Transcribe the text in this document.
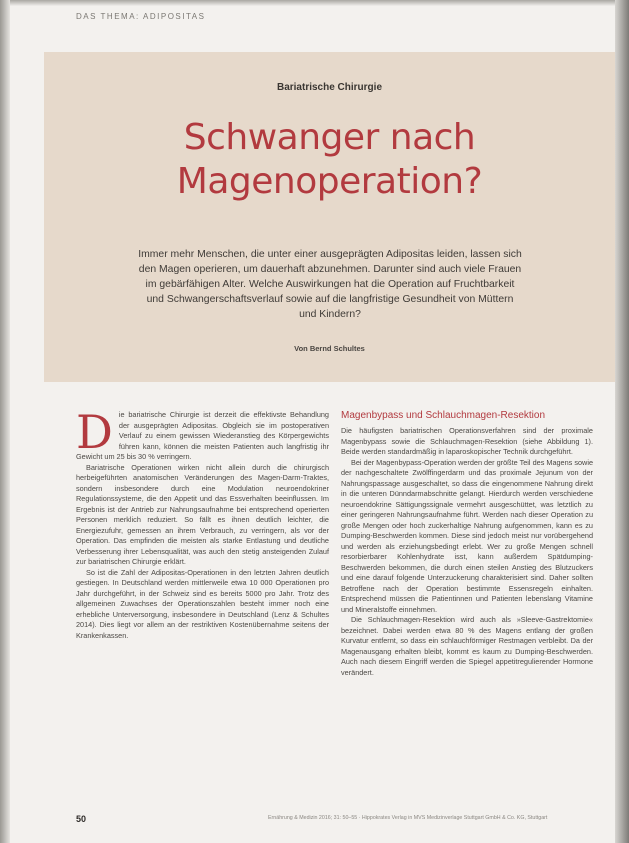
DAS THEMA: ADIPOSITAS
Bariatrische Chirurgie
Schwanger nach
Magenoperation?
Immer mehr Menschen, die unter einer ausgeprägten Adipositas leiden, lassen sich den Magen operieren, um dauerhaft abzunehmen. Darunter sind auch viele Frauen im gebärfähigen Alter. Welche Auswirkungen hat die Operation auf Fruchtbarkeit und Schwangerschaftsverlauf sowie auf die langfristige Gesundheit von Müttern und Kindern?
Von Bernd Schultes

Die bariatrische Chirurgie ist derzeit die effektivste Behandlung der ausgeprägten Adipositas. Obgleich sie im postoperativen Verlauf zu einem gewissen Wiederanstieg des Körpergewichts führen kann, können die meisten Patienten auch langfristig ihr Gewicht um 25 bis 30 % verringern.

Bariatrische Operationen wirken nicht allein durch die chirurgisch herbeigeführten anatomischen Veränderungen des Magen-Darm-Traktes, sondern insbesondere durch eine Modulation neuroendokriner Regulationssysteme, die den Appetit und das Essverhalten beeinflussen. Im Ergebnis ist der Antrieb zur Nahrungsaufnahme bei entsprechend operierten Personen merklich reduziert. So fällt es ihnen deutlich leichter, die Energiezufuhr, gemessen an ihrem Verbrauch, zu verringern, als vor der Operation. Das empfinden die meisten als starke Entlastung und deutliche Verbesserung ihrer Lebensqualität, was auch den stetig ansteigenden Zulauf zur bariatrischen Chirurgie erklärt.

So ist die Zahl der Adipositas-Operationen in den letzten Jahren deutlich gestiegen. In Deutschland werden mittlerweile etwa 10 000 Operationen pro Jahr durchgeführt, in der Schweiz sind es bereits 5000 pro Jahr. Trotz des allgemeinen Zuwachses der Operationszahlen besteht immer noch eine erhebliche Unterversorgung, insbesondere in Deutschland (Lenz & Schultes 2014). Dies liegt vor allem an der restriktiven Kostenübernahme seitens der Krankenkassen.

Magenbypass und Schlauchmagen-Resektion

Die häufigsten bariatrischen Operationsverfahren sind der proximale Magenbypass sowie die Schlauchmagen-Resektion (siehe Abbildung 1). Beide werden standardmäßig in laparoskopischer Technik durchgeführt.

Bei der Magenbypass-Operation werden der größte Teil des Magens sowie der nachgeschaltete Zwölffingerdarm und das proximale Jejunum von der Nahrungspassage ausgeschaltet, so dass die eingenommene Nahrung direkt in die unteren Dünndarmabschnitte gelangt. Hierdurch werden verschiedene neuroendokrine Sättigungssignale vermehrt ausgeschüttet, was letztlich zu einer geringeren Nahrungsaufnahme führt. Werden nach dieser Operation zu große Mengen oder hoch zuckerhaltige Nahrung aufgenommen, kann es zu Dumping-Beschwerden kommen. Diese sind jedoch meist nur vorübergehend und werden als erziehungsbedingt erlebt. Wer zu große Mengen schnell resorbierbarer Kohlenhydrate isst, kann außerdem Spätdumping-Beschwerden bekommen, die durch einen steilen Anstieg des Blutzuckers und eine darauf folgende Unterzuckerung charakterisiert sind. Daher sollten Betroffene nach der Operation bestimmte Essensregeln einhalten. Entsprechend müssen die Patientinnen und Patienten lebenslang Vitamine und Mineralstoffe einnehmen.

Die Schlauchmagen-Resektion wird auch als »Sleeve-Gastrektomie« bezeichnet. Dabei werden etwa 80 % des Magens entlang der großen Kurvatur entfernt, so dass ein schlauchförmiger Restmagen verbleibt. Da der Magenausgang erhalten bleibt, kommt es kaum zu Dumping-Beschwerden. Auch nach diesem Eingriff werden die Spiegel appetitregulierender Hormone verändert.

50	Ernährung & Medizin 2016; 31: 50–55 · Hippokrates Verlag in MVS Medizinverlage Stuttgart GmbH & Co. KG, Stuttgart
